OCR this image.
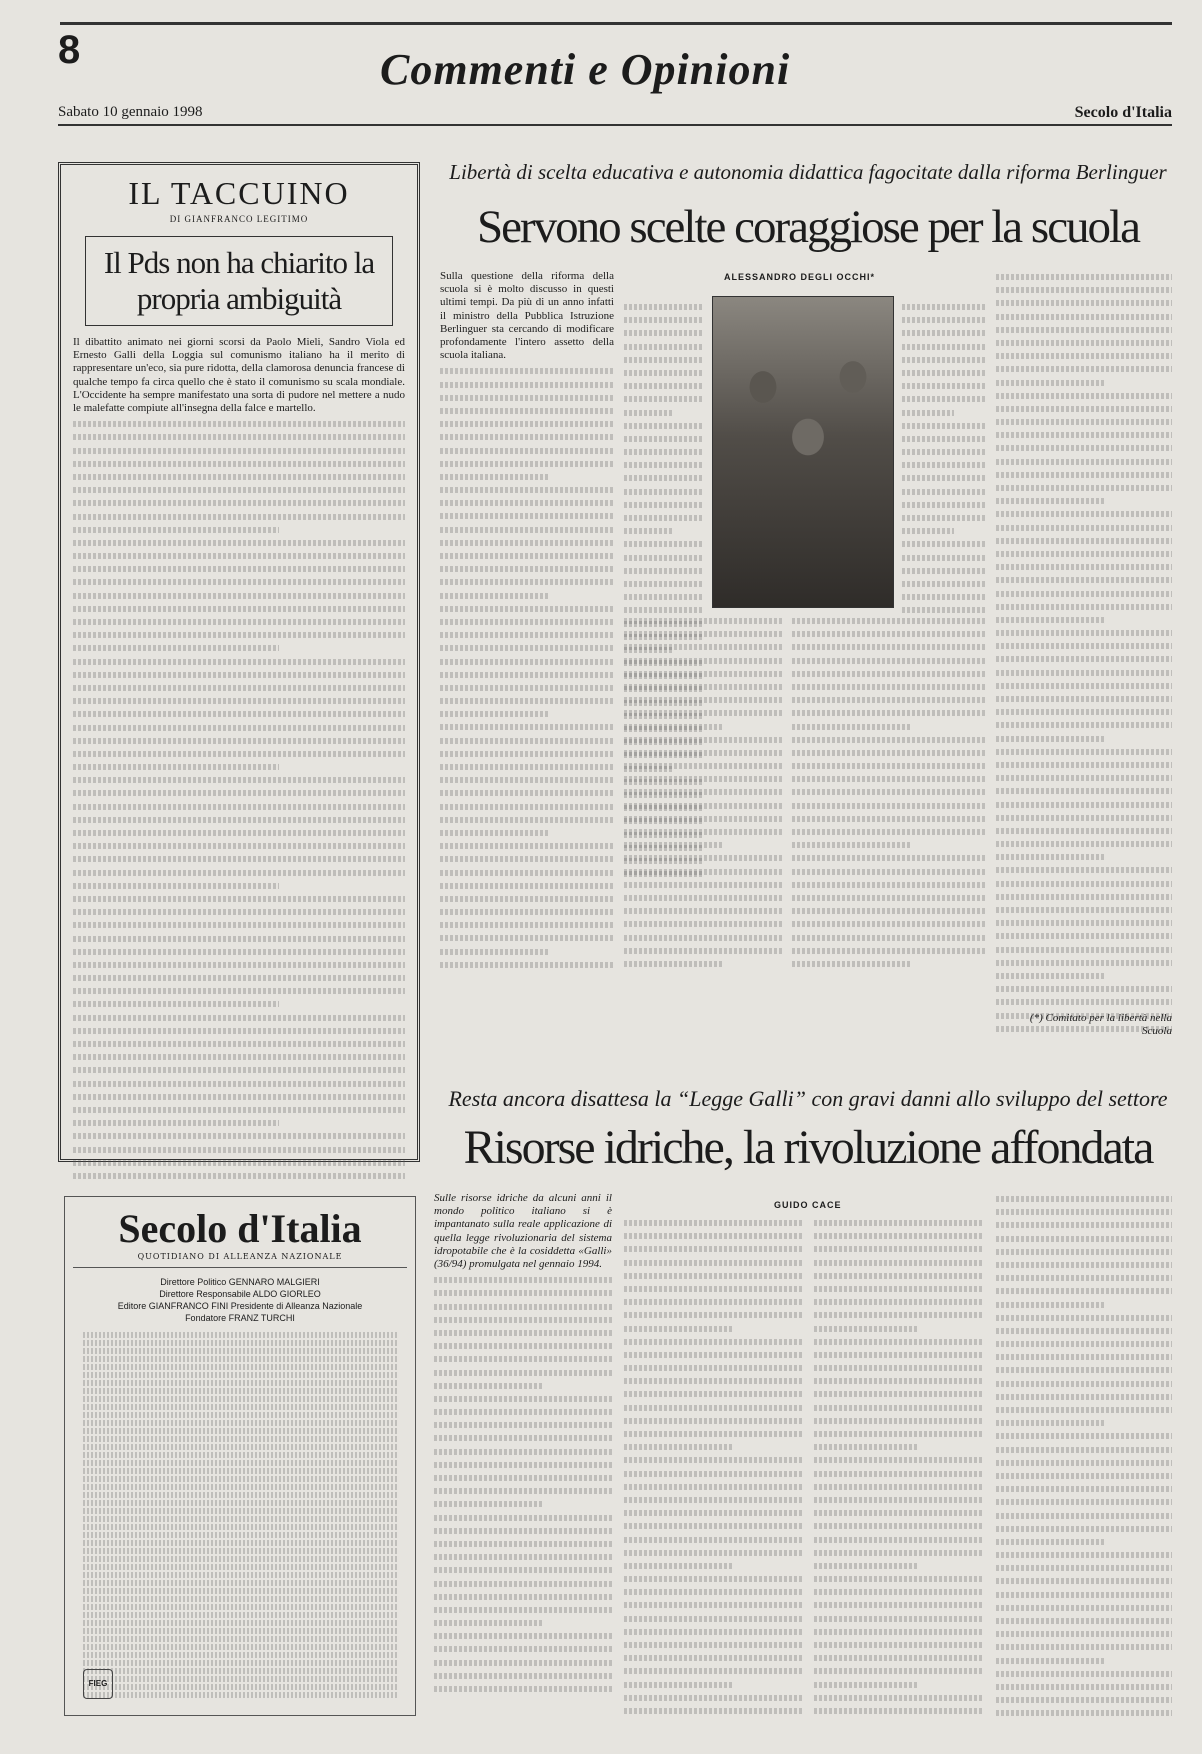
8	Commenti e Opinioni
Sabato 10 gennaio 1998	Secolo d'Italia
IL TACCUINO
DI GIANFRANCO LEGITIMO
Il Pds non ha chiarito la propria ambiguità

Il dibattito animato nei giorni scorsi da Paolo Mieli, Sandro Viola ed Ernesto Galli della Loggia sul comunismo italiano ha il merito di rappresentare un'eco, sia pure ridotta, della clamorosa denuncia francese di qualche tempo fa circa quello che è stato il comunismo su scala mondiale. L'Occidente ha sempre manifestato una sorta di pudore nel mettere a nudo le malefatte compiute all'insegna della falce e martello.

Secolo d'Italia
QUOTIDIANO DI ALLEANZA NAZIONALE
Direttore Politico GENNARO MALGIERI
Direttore Responsabile ALDO GIORLEO
Editore GIANFRANCO FINI Presidente di Alleanza Nazionale
Fondatore FRANZ TURCHI
FIEG
Libertà di scelta educativa e autonomia didattica fagocitate dalla riforma Berlinguer
Servono scelte coraggiose per la scuola
ALESSANDRO DEGLI OCCHI*

Sulla questione della riforma della scuola si è molto discusso in questi ultimi tempi. Da più di un anno infatti il ministro della Pubblica Istruzione Berlinguer sta cercando di modificare profondamente l'intero assetto della scuola italiana.

(*) Comitato per la libertà nella Scuola
Resta ancora disattesa la “Legge Galli” con gravi danni allo sviluppo del settore
Risorse idriche, la rivoluzione affondata
GUIDO CACE

Sulle risorse idriche da alcuni anni il mondo politico italiano si è impantanato sulla reale applicazione di quella legge rivoluzionaria del sistema idropotabile che è la cosiddetta «Galli» (36/94) promulgata nel gennaio 1994.
